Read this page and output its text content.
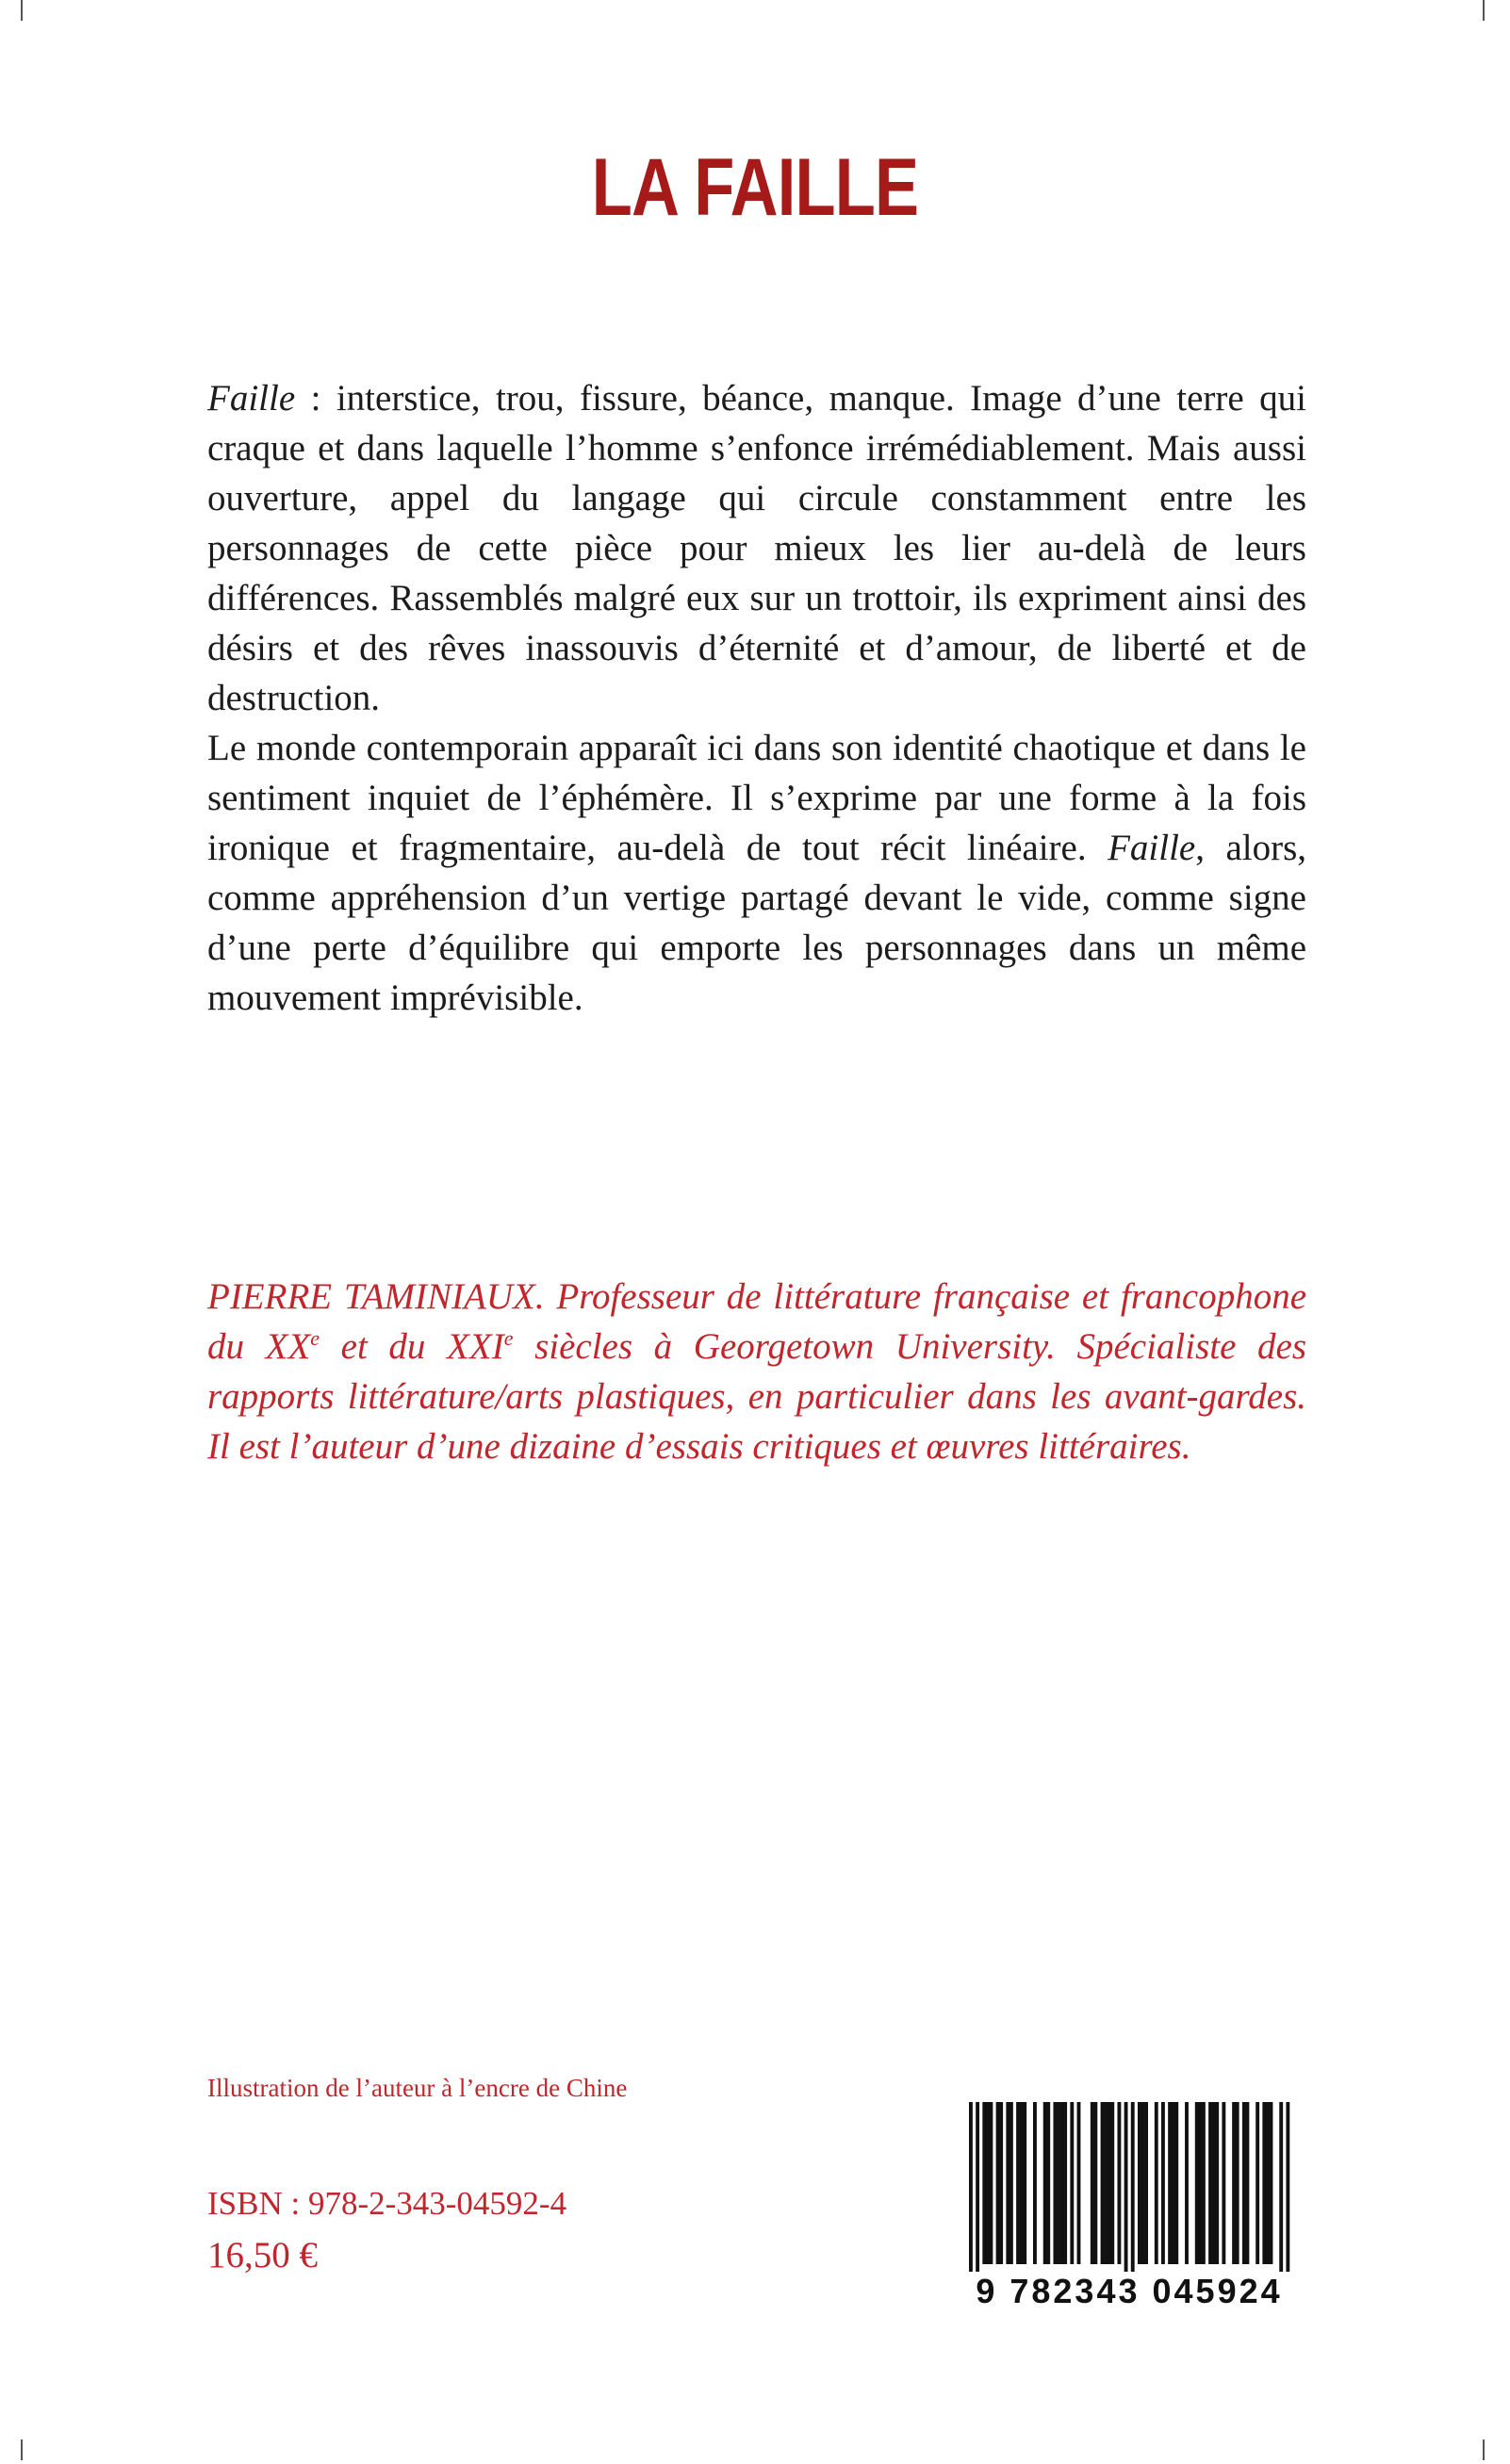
LA FAILLE

Faille : interstice, trou, fissure, béance, manque. Image d’une terre qui craque et dans laquelle l’homme s’enfonce irrémédiablement. Mais aussi ouverture, appel du langage qui circule constamment entre les personnages de cette pièce pour mieux les lier au-delà de leurs différences. Rassemblés malgré eux sur un trottoir, ils expriment ainsi des désirs et des rêves inassouvis d’éternité et d’amour, de liberté et de destruction.

Le monde contemporain apparaît ici dans son identité chaotique et dans le sentiment inquiet de l’éphémère. Il s’exprime par une forme à la fois ironique et fragmentaire, au-delà de tout récit linéaire. Faille, alors, comme appréhension d’un vertige partagé devant le vide, comme signe d’une perte d’équilibre qui emporte les personnages dans un même mouvement imprévisible.

PIERRE TAMINIAUX. Professeur de littérature française et francophone du XXe et du XXIe siècles à Georgetown University. Spécialiste des rapports littérature/arts plastiques, en particulier dans les avant-gardes. Il est l’auteur d’une dizaine d’essais critiques et œuvres littéraires.

Illustration de l’auteur à l’encre de Chine
ISBN : 978-2-343-04592-4
16,50 €
9 782343 045924
